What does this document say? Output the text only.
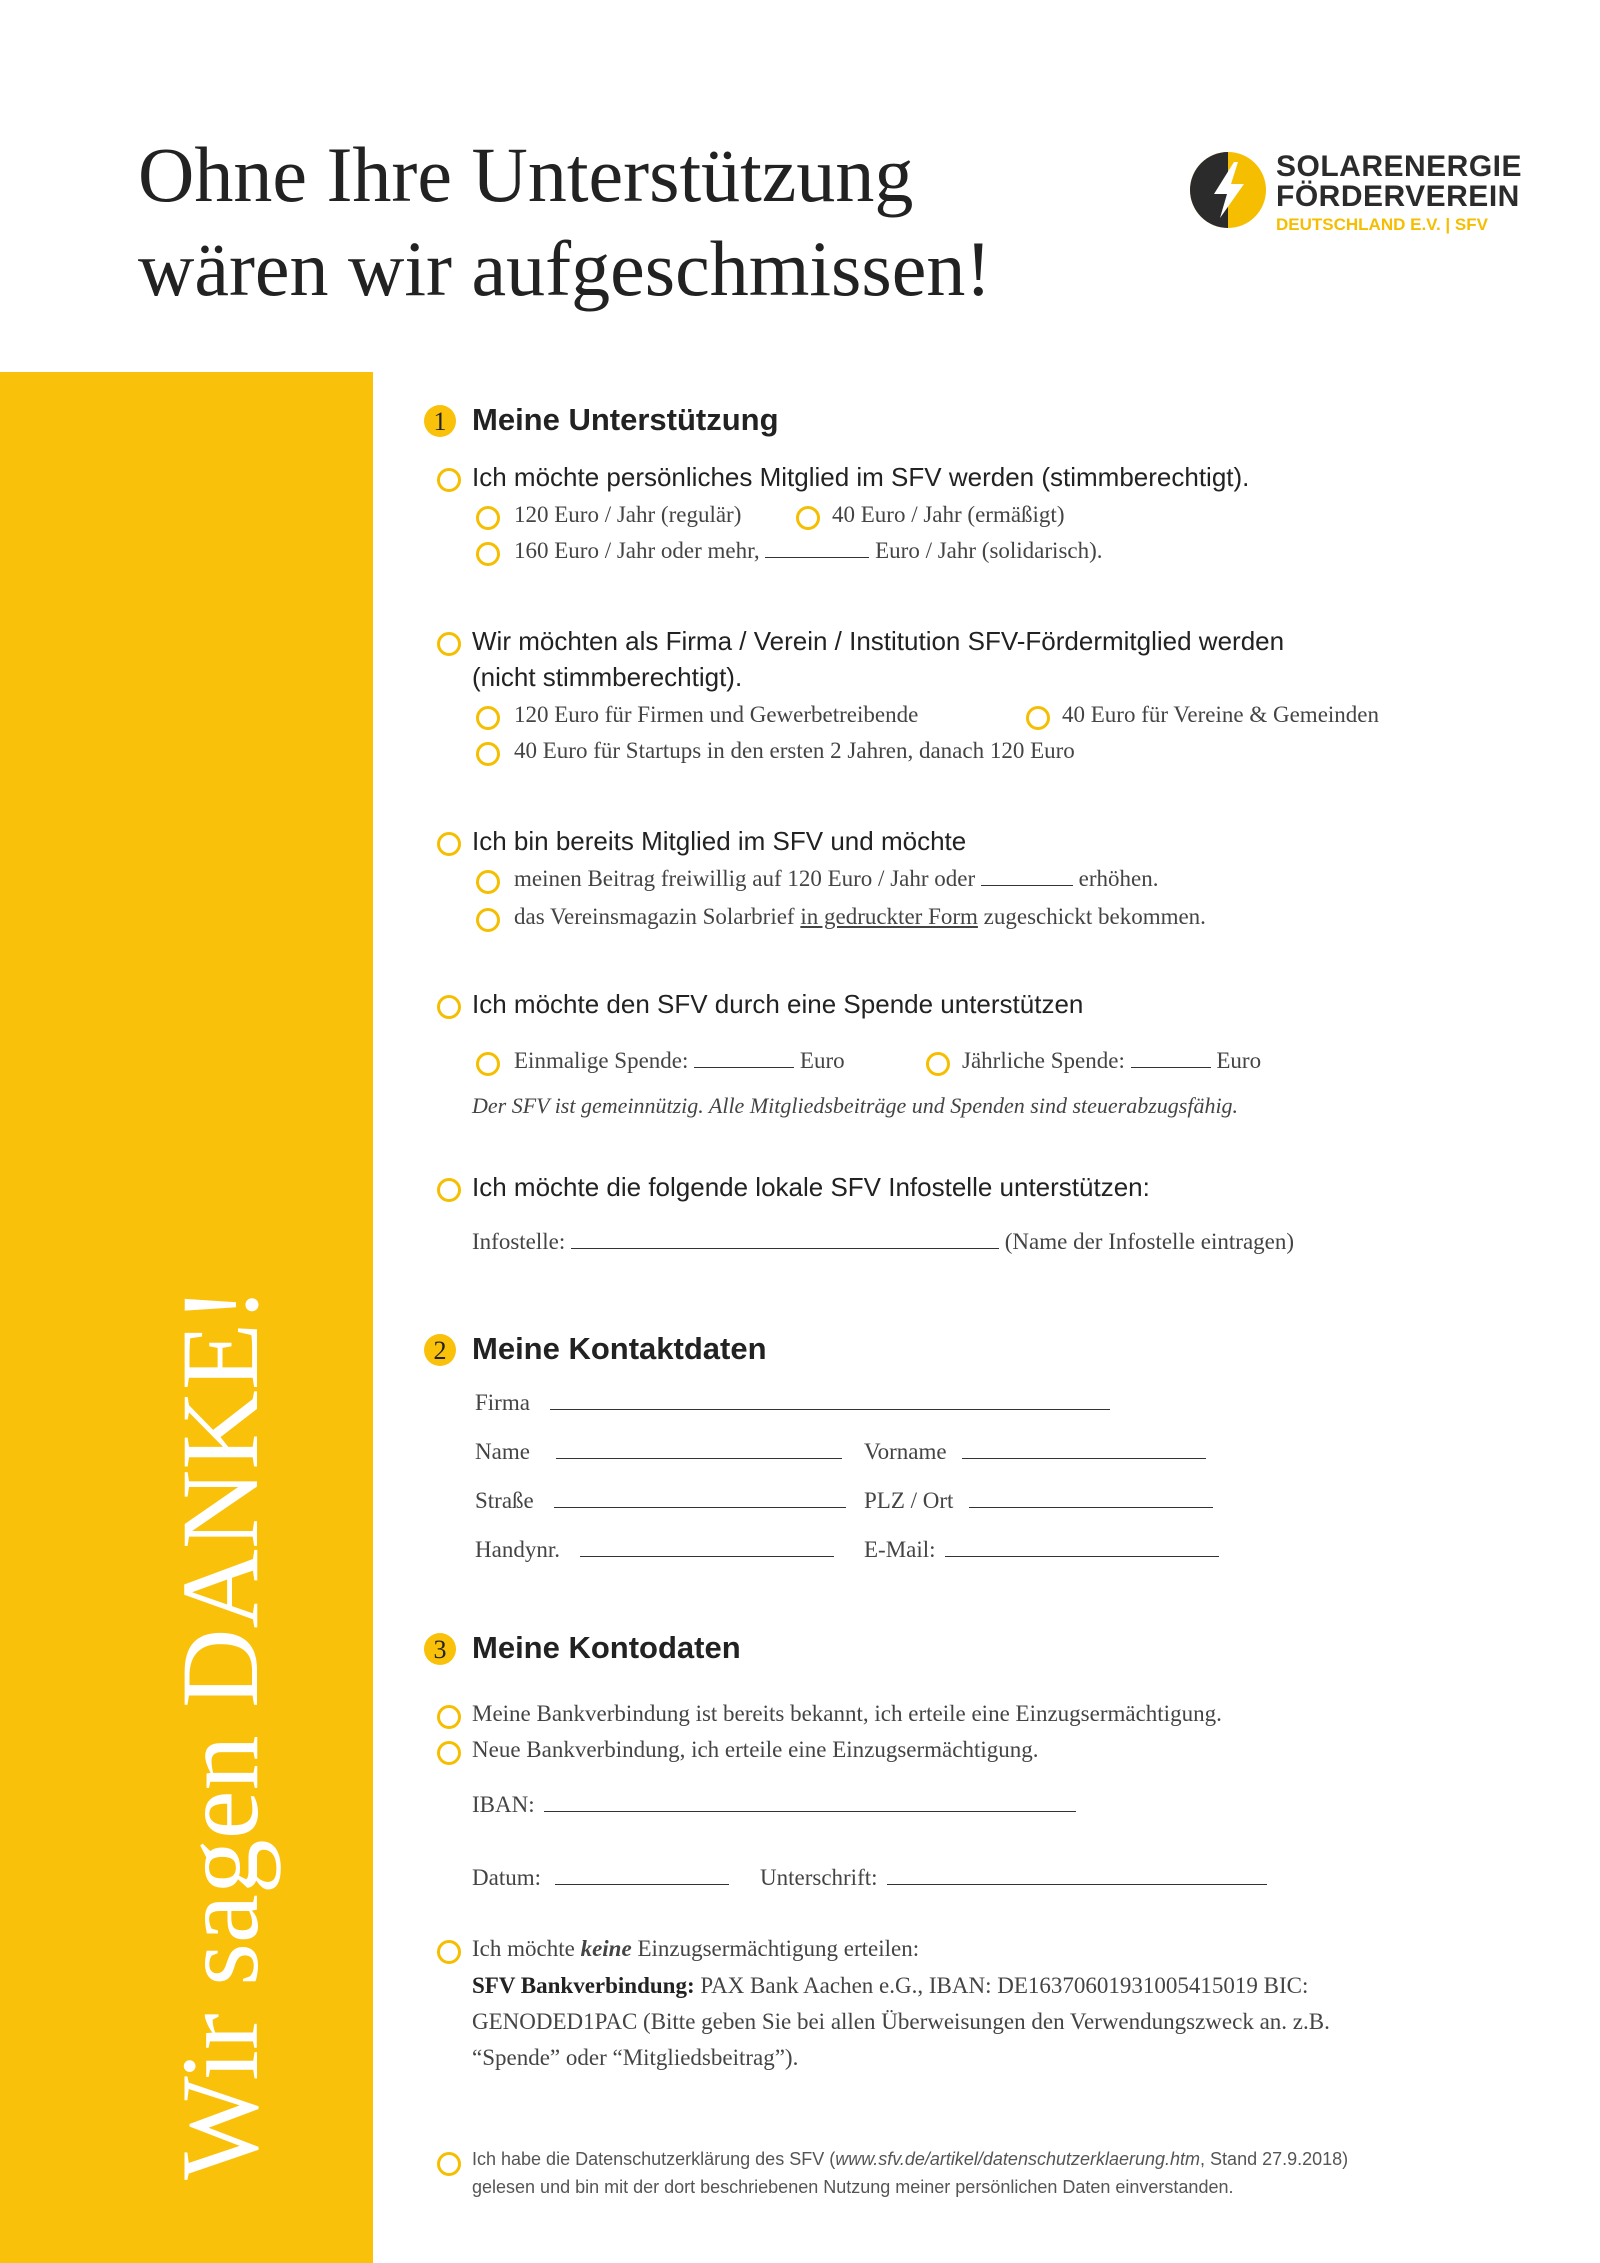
Ohne Ihre Unterstützung
wären wir aufgeschmissen!
SOLARENERGIE
FÖRDERVEREIN
DEUTSCHLAND E.V. | SFV
Wir sagen DANKE!
1 Meine Unterstützung
Ich möchte persönliches Mitglied im SFV werden (stimmberechtigt).
120 Euro / Jahr (regulär)	40 Euro / Jahr (ermäßigt)
160 Euro / Jahr oder mehr,	Euro / Jahr (solidarisch).
Wir möchten als Firma / Verein / Institution SFV-Fördermitglied werden
(nicht stimmberechtigt).
120 Euro für Firmen und Gewerbetreibende	40 Euro für Vereine & Gemeinden
40 Euro für Startups in den ersten 2 Jahren, danach 120 Euro
Ich bin bereits Mitglied im SFV und möchte
meinen Beitrag freiwillig auf 120 Euro / Jahr oder	erhöhen.
das Vereinsmagazin Solarbrief in gedruckter Form zugeschickt bekommen.
Ich möchte den SFV durch eine Spende unterstützen
Einmalige Spende:	Euro	Jährliche Spende:	Euro
Der SFV ist gemeinnützig. Alle Mitgliedsbeiträge und Spenden sind steuerabzugsfähig.
Ich möchte die folgende lokale SFV Infostelle unterstützen:
Infostelle:	(Name der Infostelle eintragen)
2 Meine Kontaktdaten
Firma
Name	Vorname
Straße	PLZ / Ort
Handynr.	E-Mail:
3 Meine Kontodaten
Meine Bankverbindung ist bereits bekannt, ich erteile eine Einzugsermächtigung.
Neue Bankverbindung, ich erteile eine Einzugsermächtigung.
IBAN:
Datum:	Unterschrift:
Ich möchte keine Einzugsermächtigung erteilen:
SFV Bankverbindung: PAX Bank Aachen e.G., IBAN: DE16370601931005415019 BIC:
GENODED1PAC (Bitte geben Sie bei allen Überweisungen den Verwendungszweck an. z.B.
“Spende” oder “Mitgliedsbeitrag”).
Ich habe die Datenschutzerklärung des SFV (www.sfv.de/artikel/datenschutzerklaerung.htm, Stand 27.9.2018)
gelesen und bin mit der dort beschriebenen Nutzung meiner persönlichen Daten einverstanden.
